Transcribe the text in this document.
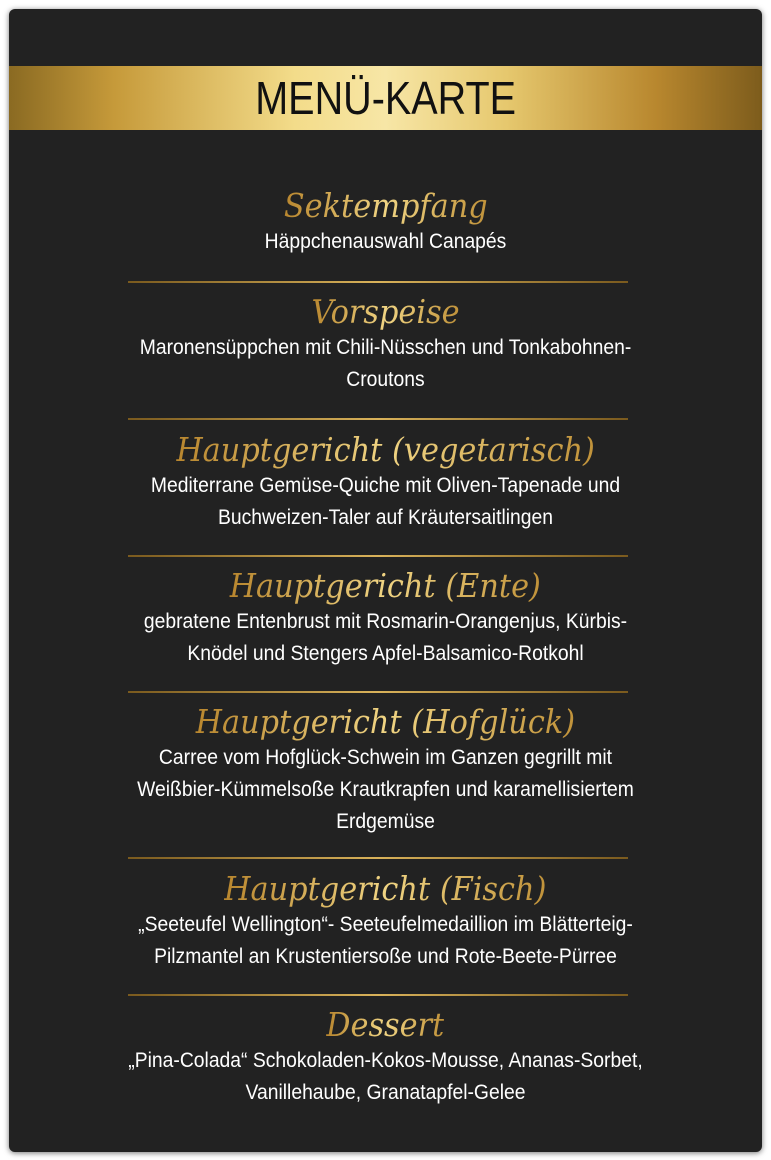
MENÜ-KARTE
Sektempfang
Häppchenauswahl Canapés
Vorspeise
Maronensüppchen mit Chili-Nüsschen und Tonkabohnen-
Croutons
Hauptgericht (vegetarisch)
Mediterrane Gemüse-Quiche mit Oliven-Tapenade und
Buchweizen-Taler auf Kräutersaitlingen
Hauptgericht (Ente)
gebratene Entenbrust mit Rosmarin-Orangenjus, Kürbis-
Knödel und Stengers Apfel-Balsamico-Rotkohl
Hauptgericht (Hofglück)
Carree vom Hofglück-Schwein im Ganzen gegrillt mit
Weißbier-Kümmelsoße Krautkrapfen und karamellisiertem
Erdgemüse
Hauptgericht (Fisch)
„Seeteufel Wellington“- Seeteufelmedaillion im Blätterteig-
Pilzmantel an Krustentiersoße und Rote-Beete-Pürree
Dessert
„Pina-Colada“ Schokoladen-Kokos-Mousse, Ananas-Sorbet,
Vanillehaube, Granatapfel-Gelee
